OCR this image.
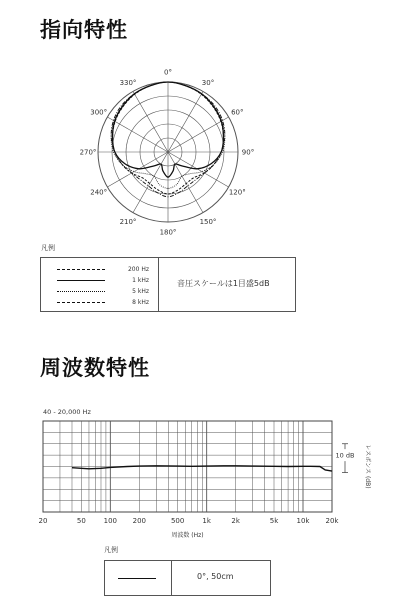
指向特性
0°
30°
60°
90°
120°
150°
180°
210°
240°
270°
300°
330°
凡例
200 Hz
1 kHz
5 kHz
8 kHz
音圧スケールは1目盛5dB
周波数特性
40 - 20,000 Hz
20	50	100 200	500	1k	2k	5k	10k 20k
周波数 (Hz)
10 dB レスポンス (dB)
凡例
0°, 50cm
